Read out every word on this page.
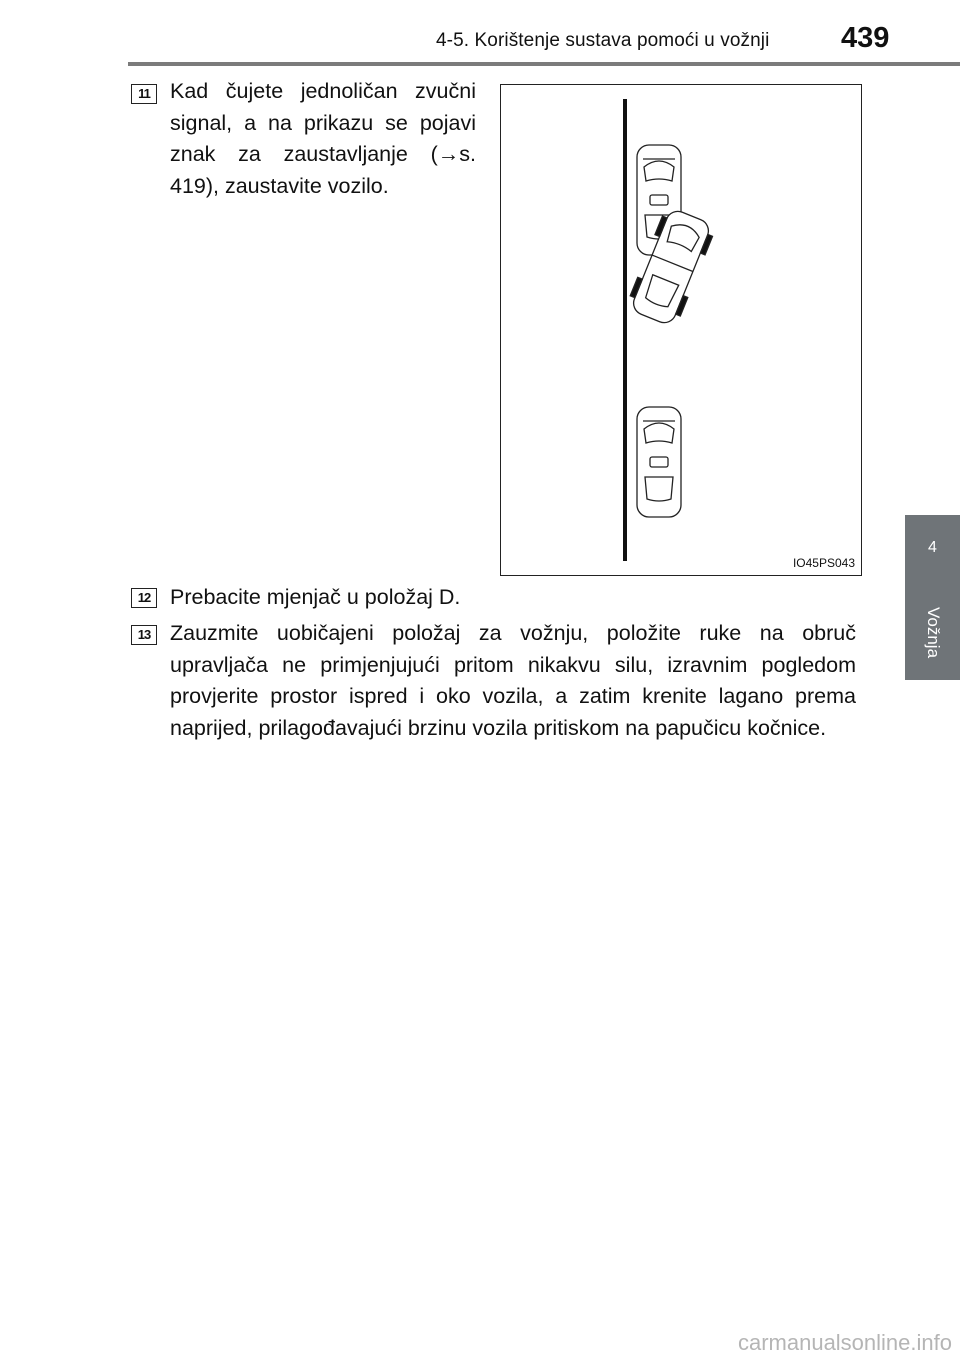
4-5. Korištenje sustava pomoći u vožnji 439
4
Vožnja
11 Kad čujete jednoličan zvučni signal, a na prikazu se pojavi znak za zaustavljanje (→s. 419), zaustavite vozilo.
IO45PS043
12 Prebacite mjenjač u položaj D.
13 Zauzmite uobičajeni položaj za vožnju, položite ruke na obruč upravljača ne primjenjujući pritom nikakvu silu, izravnim pogledom provjerite prostor ispred i oko vozila, a zatim krenite lagano prema naprijed, prilagođavajući brzinu vozila pritiskom na papučicu kočnice.
carmanualsonline.info
